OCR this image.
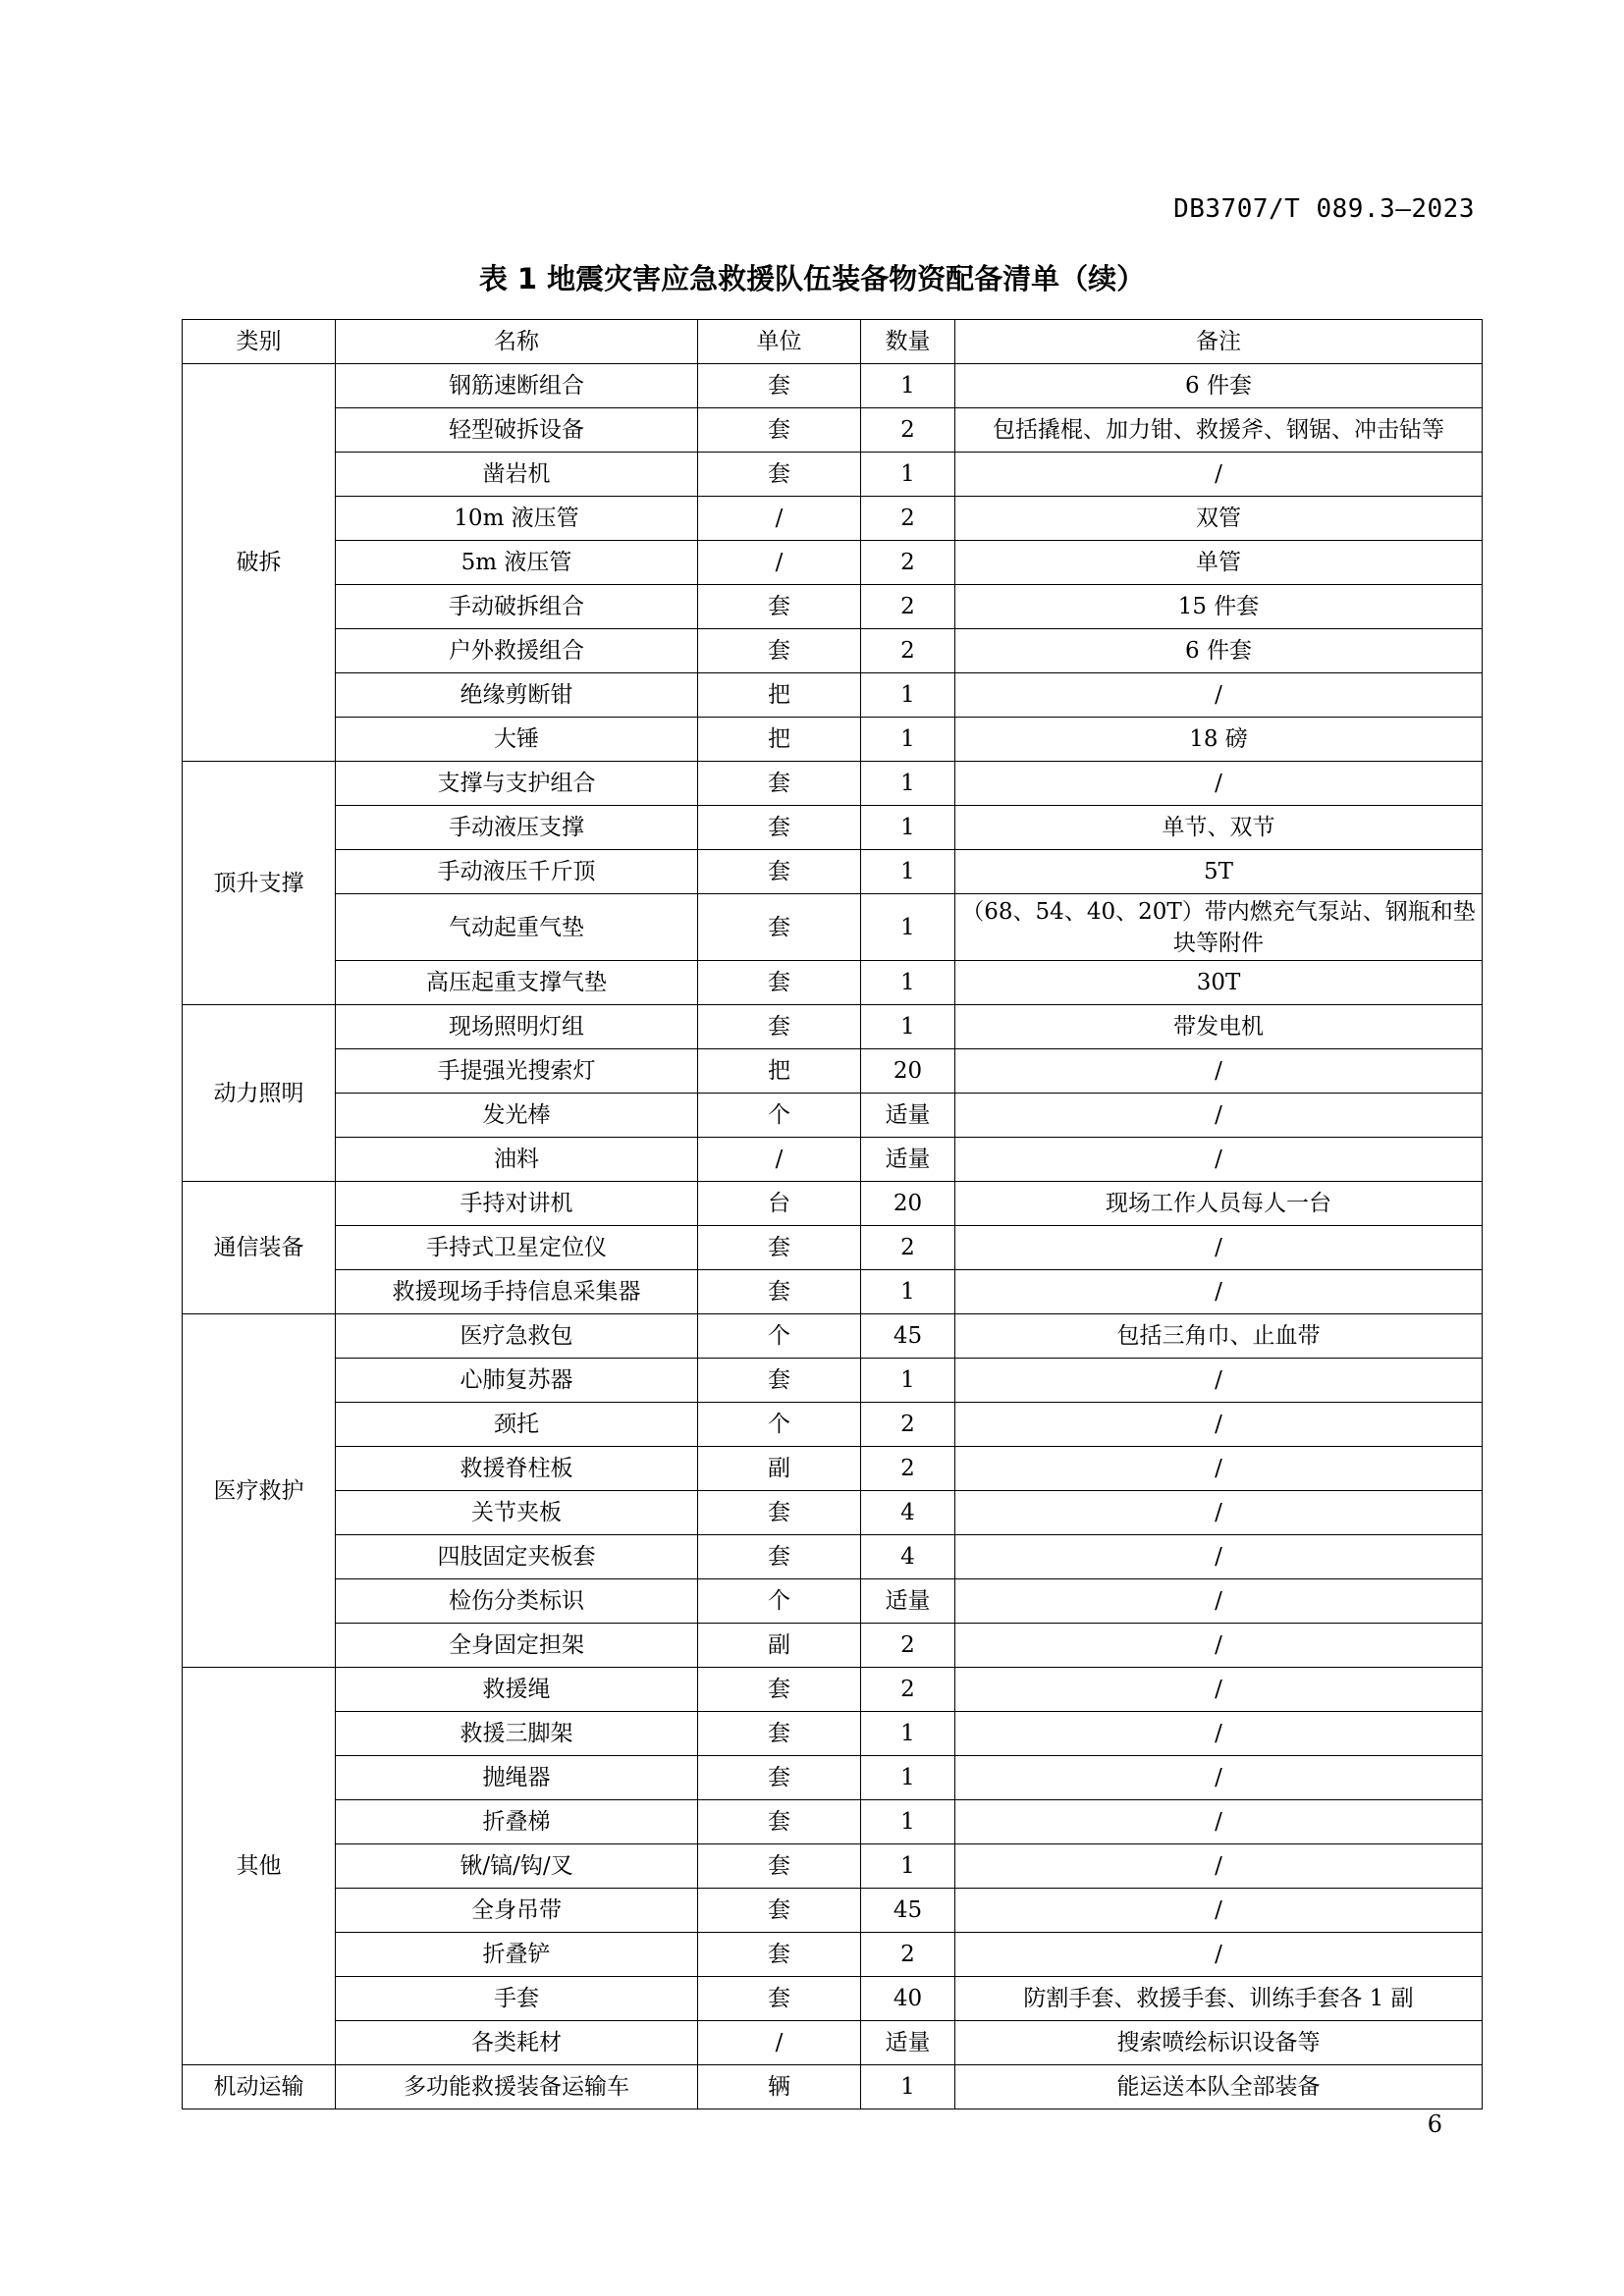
DB3707/T 089.3—2023
表 1 地震灾害应急救援队伍装备物资配备清单（续）
类别	名称	单位	数量	备注
破拆	钢筋速断组合	套	1	6 件套
	轻型破拆设备	套	2	包括撬棍、加力钳、救援斧、钢锯、冲击钻等
	凿岩机	套	1	/
	10m 液压管	/	2	双管
	5m 液压管	/	2	单管
	手动破拆组合	套	2	15 件套
	户外救援组合	套	2	6 件套
	绝缘剪断钳	把	1	/
	大锤	把	1	18 磅
顶升支撑	支撑与支护组合	套	1	/
	手动液压支撑	套	1	单节、双节
	手动液压千斤顶	套	1	5T
	气动起重气垫	套	1	（68、54、40、20T）带内燃充气泵站、钢瓶和垫块等附件
	高压起重支撑气垫	套	1	30T
动力照明	现场照明灯组	套	1	带发电机
	手提强光搜索灯	把	20	/
	发光棒	个	适量	/
	油料	/	适量	/
通信装备	手持对讲机	台	20	现场工作人员每人一台
	手持式卫星定位仪	套	2	/
	救援现场手持信息采集器	套	1	/
医疗救护	医疗急救包	个	45	包括三角巾、止血带
	心肺复苏器	套	1	/
	颈托	个	2	/
	救援脊柱板	副	2	/
	关节夹板	套	4	/
	四肢固定夹板套	套	4	/
	检伤分类标识	个	适量	/
	全身固定担架	副	2	/
其他	救援绳	套	2	/
	救援三脚架	套	1	/
	抛绳器	套	1	/
	折叠梯	套	1	/
	锹/镐/钩/叉	套	1	/
	全身吊带	套	45	/
	折叠铲	套	2	/
	手套	套	40	防割手套、救援手套、训练手套各 1 副
	各类耗材	/	适量	搜索喷绘标识设备等
机动运输	多功能救援装备运输车	辆	1	能运送本队全部装备
6
